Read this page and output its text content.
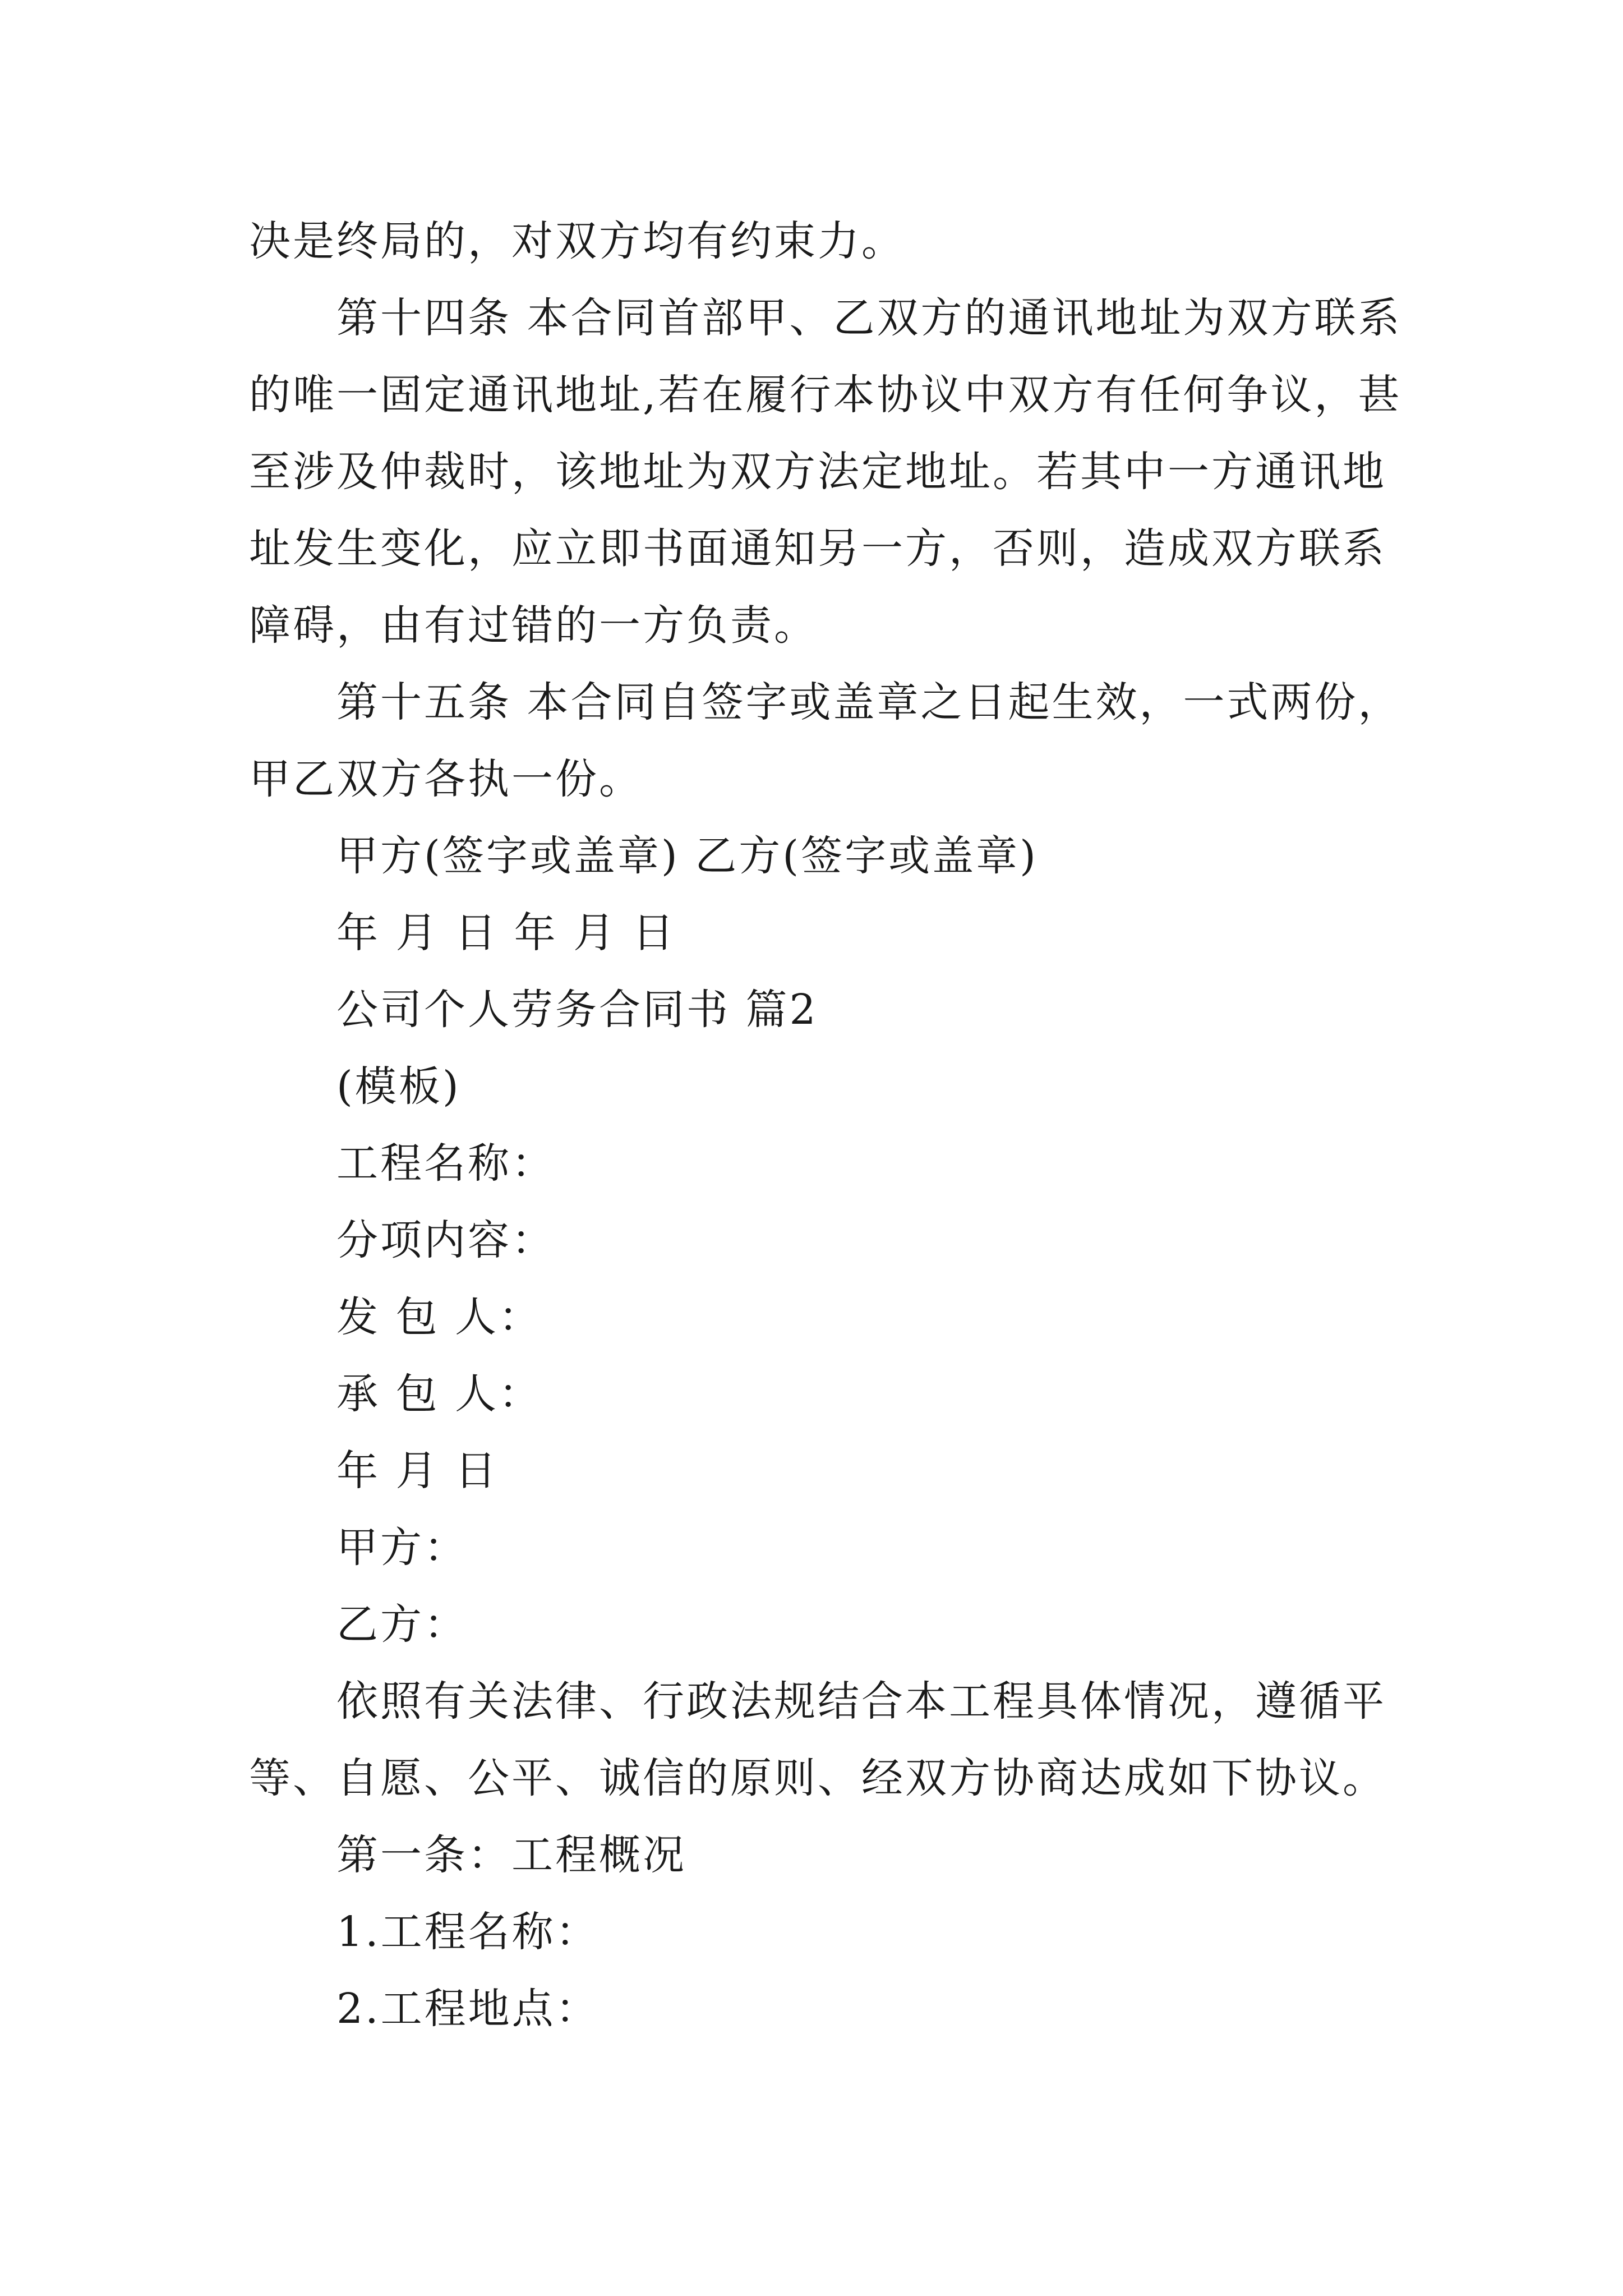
决是终局的，对双方均有约束力。

第十四条 本合同首部甲、乙双方的通讯地址为双方联系的唯一固定通讯地址,若在履行本协议中双方有任何争议，甚至涉及仲裁时，该地址为双方法定地址。若其中一方通讯地址发生变化，应立即书面通知另一方，否则，造成双方联系障碍，由有过错的一方负责。

第十五条 本合同自签字或盖章之日起生效，一式两份，甲乙双方各执一份。

甲方(签字或盖章) 乙方(签字或盖章)

年 月 日 年 月 日

公司个人劳务合同书 篇2

(模板)

工程名称：

分项内容：

发 包 人：

承 包 人：

年 月 日

甲方：

乙方：

依照有关法律、行政法规结合本工程具体情况，遵循平等、自愿、公平、诚信的原则、经双方协商达成如下协议。

第一条：工程概况

1.工程名称：

2.工程地点：
